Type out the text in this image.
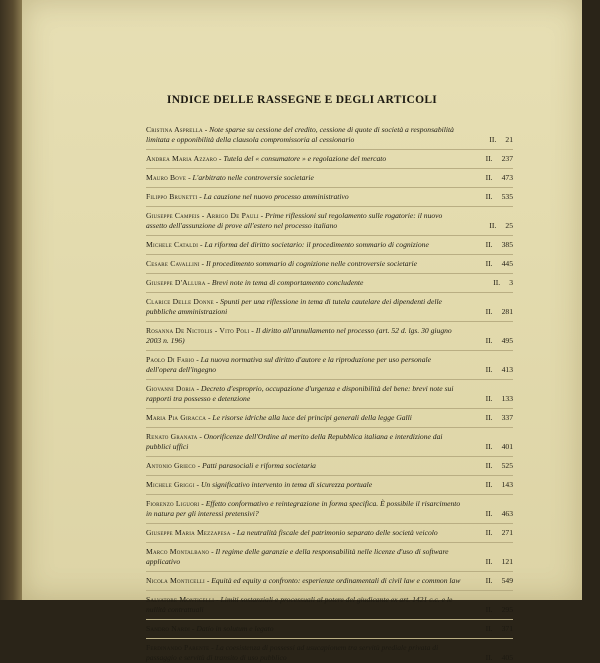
INDICE DELLE RASSEGNE E DEGLI ARTICOLI
Cristina Asprella - Note sparse su cessione del credito, cessione di quote di società a responsabilità limitata e opponibilità della clausola compromissoria al cessionario	II. 21
Andrea Maria Azzaro - Tutela del « consumatore » e regolazione del mercato	II. 237
Mauro Bove - L'arbitrato nelle controversie societarie	II. 473
Filippo Brunetti - La cauzione nel nuovo processo amministrativo	II. 535
Giuseppe Campeis - Arrigo De Pauli - Prime riflessioni sul regolamento sulle rogatorie: il nuovo assetto dell'assunzione di prove all'estero nel processo italiano	II. 25
Michele Cataldi - La riforma del diritto societario: il procedimento sommario di cognizione	II. 385
Cesare Cavallini - Il procedimento sommario di cognizione nelle controversie societarie	II. 445
Giuseppe D'Allura - Brevi note in tema di comportamento concludente	II. 3
Clarice Delle Donne - Spunti per una riflessione in tema di tutela cautelare dei dipendenti delle pubbliche amministrazioni	II. 281
Rosanna De Nictolis - Vito Poli - Il diritto all'annullamento nel processo (art. 52 d. lgs. 30 giugno 2003 n. 196)	II. 495
Paolo Di Fabio - La nuova normativa sul diritto d'autore e la riproduzione per uso personale dell'opera dell'ingegno	II. 413
Giovanni Doria - Decreto d'esproprio, occupazione d'urgenza e disponibilità del bene: brevi note sui rapporti tra possesso e detenzione	II. 133
Maria Pia Giracca - Le risorse idriche alla luce dei principi generali della legge Galli	II. 337
Renato Granata - Onorificenze dell'Ordine al merito della Repubblica italiana e interdizione dai pubblici uffici	II. 401
Antonio Grieco - Patti parasociali e riforma societaria	II. 525
Michele Griggi - Un significativo intervento in tema di sicurezza portuale	II. 143
Fiorenzo Liguori - Effetto conformativo e reintegrazione in forma specifica. È possibile il risarcimento in natura per gli interessi pretensivi?	II. 463
Giuseppe Maria Mezzapesa - La neutralità fiscale del patrimonio separato delle società veicolo	II. 271
Marco Montalbano - Il regime delle garanzie e della responsabilità nelle licenze d'uso di software applicativo	II. 121
Nicola Monticelli - Equità ed equity a confronto: esperienze ordinamentali di civil law e common law	II. 549
Salvatore Monticelli - Limiti sostanziali e processuali al potere del giudicante ex art. 1421 c.c. e le nullità contrattuali	II. 295
Sandro Nardi - Datio in solutum e legato	II. 371
Ferdinando Parente - La coesistenza di possessi ad usucapionem tra servitù prediale privata di passaggio e servitù di transito di uso pubblico	II. 405
